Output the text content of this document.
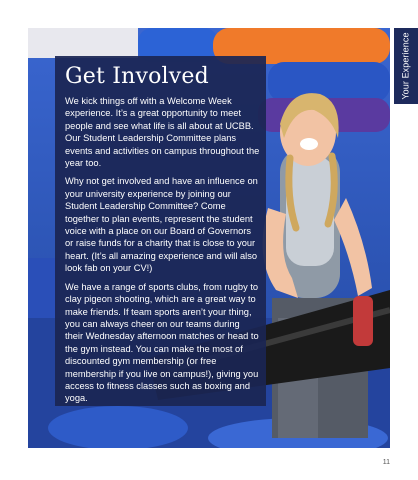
Your Experience
Get Involved

We kick things off with a Welcome Week experience. It’s a great opportunity to meet people and see what life is all about at UCBB. Our Student Leadership Committee plans events and activities on campus throughout the year too.

Why not get involved and have an influence on your university experience by joining our Student Leadership Committee? Come together to plan events, represent the student voice with a place on our Board of Governors or raise funds for a charity that is close to your heart. (It’s all amazing experience and will also look fab on your CV!)

We have a range of sports clubs, from rugby to clay pigeon shooting, which are a great way to make friends. If team sports aren’t your thing, you can always cheer on our teams during their Wednesday afternoon matches or head to the gym instead. You can make the most of discounted gym membership (or free membership if you live on campus!), giving you access to fitness classes such as boxing and yoga.

11
